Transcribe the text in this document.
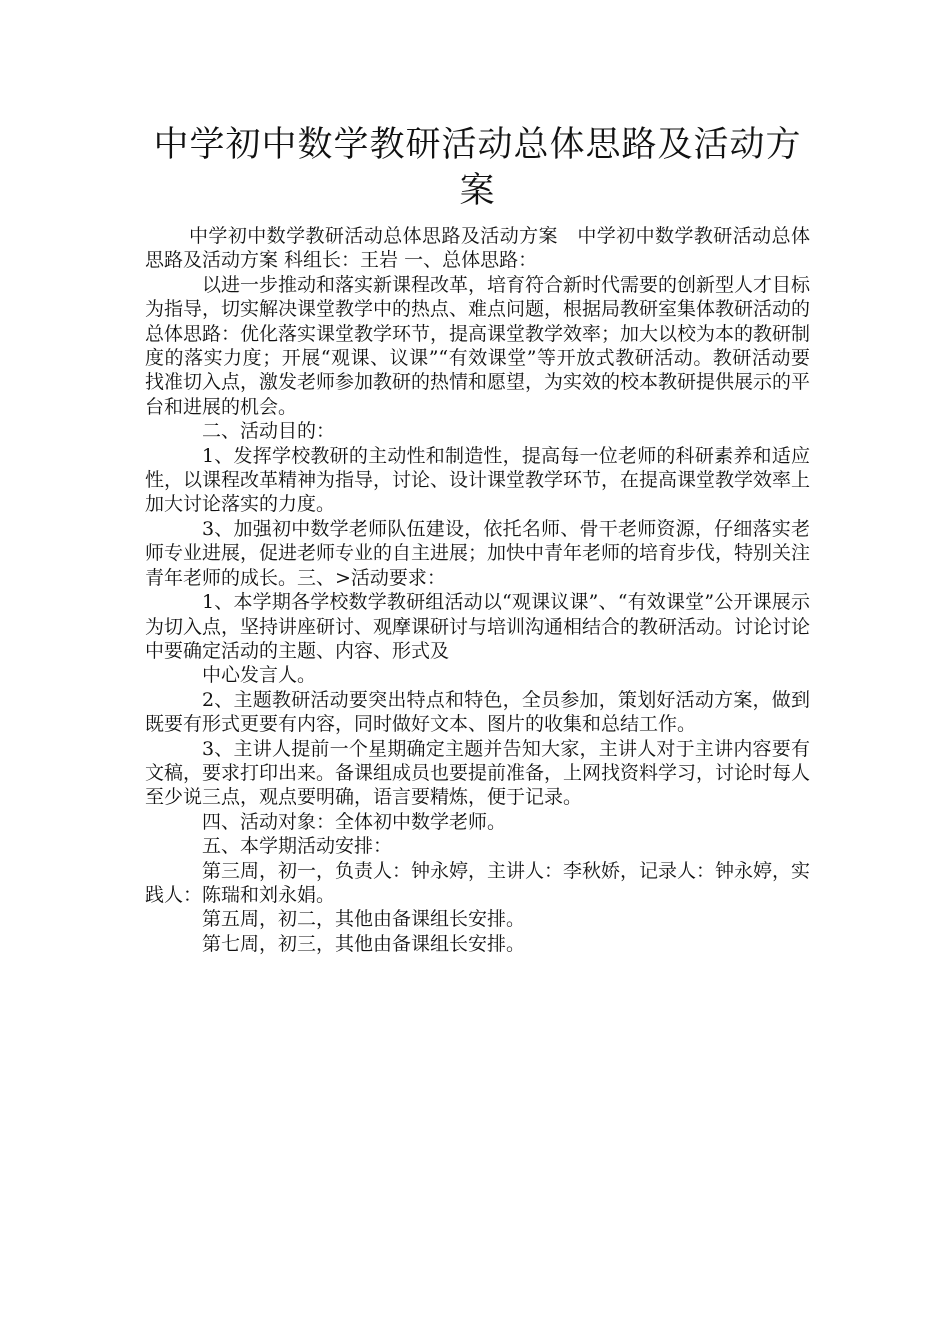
中学初中数学教研活动总体思路及活动方案

中学初中数学教研活动总体思路及活动方案　中学初中数学教研活动总体思路及活动方案 科组长：王岩 一、总体思路：

以进一步推动和落实新课程改革，培育符合新时代需要的创新型人才目标为指导，切实解决课堂教学中的热点、难点问题，根据局教研室集体教研活动的总体思路：优化落实课堂教学环节，提高课堂教学效率；加大以校为本的教研制度的落实力度；开展“观课、议课”“有效课堂”等开放式教研活动。教研活动要找准切入点，激发老师参加教研的热情和愿望，为实效的校本教研提供展示的平台和进展的机会。

二、活动目的：

1、发挥学校教研的主动性和制造性，提高每一位老师的科研素养和适应性，以课程改革精神为指导，讨论、设计课堂教学环节，在提高课堂教学效率上加大讨论落实的力度。

3、加强初中数学老师队伍建设，依托名师、骨干老师资源，仔细落实老师专业进展，促进老师专业的自主进展；加快中青年老师的培育步伐，特别关注青年老师的成长。三、>活动要求：

1、本学期各学校数学教研组活动以“观课议课”、“有效课堂”公开课展示为切入点，坚持讲座研讨、观摩课研讨与培训沟通相结合的教研活动。讨论讨论中要确定活动的主题、内容、形式及

中心发言人。

2、主题教研活动要突出特点和特色，全员参加，策划好活动方案，做到既要有形式更要有内容，同时做好文本、图片的收集和总结工作。

3、主讲人提前一个星期确定主题并告知大家，主讲人对于主讲内容要有文稿，要求打印出来。备课组成员也要提前准备，上网找资料学习，讨论时每人至少说三点，观点要明确，语言要精炼，便于记录。

四、活动对象：全体初中数学老师。

五、本学期活动安排：

第三周，初一，负责人：钟永婷，主讲人：李秋娇，记录人：钟永婷，实践人：陈瑞和刘永娟。

第五周，初二，其他由备课组长安排。

第七周，初三，其他由备课组长安排。
